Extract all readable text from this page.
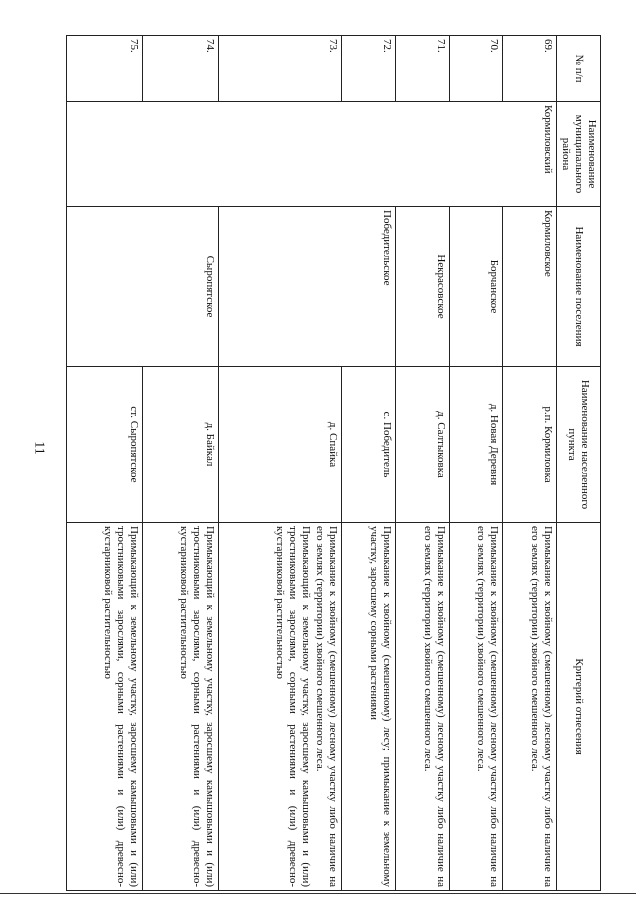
11
№ п/п	Наименование муниципального района	Наименование поселения	Наименование населенного пункта	Критерий отнесения
69.	Кормиловский	Кормиловское	р.п. Кормиловка	Примыкание к хвойному (смешенному) лесному участку либо наличие на его землях (территории) хвойного смешенного леса.

70.		Борчанское	д. Новая Деревня	Примыкание к хвойному (смешенному) лесному участку либо наличие на его землях (территории) хвойного смешенного леса.

71.		Некрасовское	д. Салтыковка	Примыкание к хвойному (смешенному) лесному участку либо наличие на его землях (территории) хвойного смешенного леса.

72.		Победительское	с. Победитель	Примыкание к хвойному (смешенному) лесу; примыкание к земельному участку, заросшему сорными растениями

73.			д. Спайка	Примыкание к хвойному (смешенному) лесному участку либо наличие на его землях (территории) хвойного смешенного леса.
Примыкающий к земельному участку, заросшему камышовыми и (или) тростниковыми зарослями, сорными растениями и (или) древесно-кустарниковой растительностью

74.		Сыропятское	д. Байкал	Примыкающий к земельному участку, заросшему камышовыми и (или) тростниковыми зарослями, сорными растениями и (или) древесно-кустарниковой растительностью

75.			ст. Сыропятское	Примыкающий к земельному участку, заросшему камышовыми и (или) тростниковыми зарослями, сорными растениями и (или) древесно-кустарниковой растительностью
